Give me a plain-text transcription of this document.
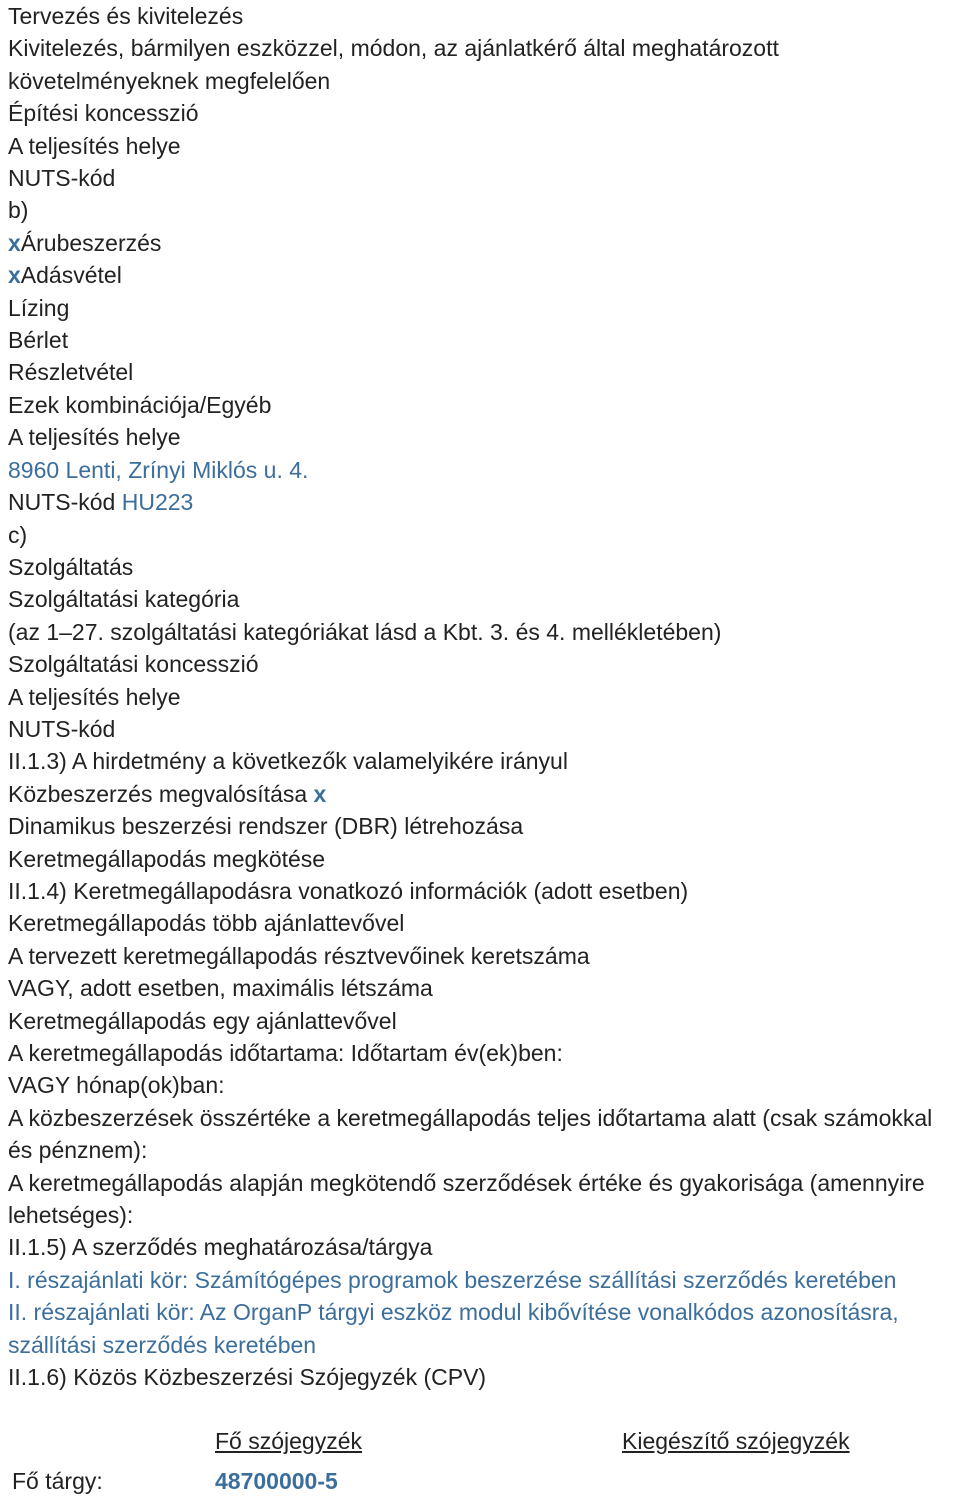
Tervezés és kivitelezés
Kivitelezés, bármilyen eszközzel, módon, az ajánlatkérő által meghatározott
követelményeknek megfelelően
Építési koncesszió
A teljesítés helye
NUTS-kód
b)
xÁrubeszerzés
xAdásvétel
Lízing
Bérlet
Részletvétel
Ezek kombinációja/Egyéb
A teljesítés helye
8960 Lenti, Zrínyi Miklós u. 4.
NUTS-kód HU223
c)
Szolgáltatás
Szolgáltatási kategória
(az 1–27. szolgáltatási kategóriákat lásd a Kbt. 3. és 4. mellékletében)
Szolgáltatási koncesszió
A teljesítés helye
NUTS-kód
II.1.3) A hirdetmény a következők valamelyikére irányul
Közbeszerzés megvalósítása x
Dinamikus beszerzési rendszer (DBR) létrehozása
Keretmegállapodás megkötése
II.1.4) Keretmegállapodásra vonatkozó információk (adott esetben)
Keretmegállapodás több ajánlattevővel
A tervezett keretmegállapodás résztvevőinek keretszáma
VAGY, adott esetben, maximális létszáma
Keretmegállapodás egy ajánlattevővel
A keretmegállapodás időtartama: Időtartam év(ek)ben:
VAGY hónap(ok)ban:
A közbeszerzések összértéke a keretmegállapodás teljes időtartama alatt (csak számokkal és pénznem):
A keretmegállapodás alapján megkötendő szerződések értéke és gyakorisága (amennyire lehetséges):
II.1.5) A szerződés meghatározása/tárgya
I. részajánlati kör: Számítógépes programok beszerzése szállítási szerződés keretében
II. részajánlati kör: Az OrganP tárgyi eszköz modul kibővítése vonalkódos azonosításra, szállítási szerződés keretében
II.1.6) Közös Közbeszerzési Szójegyzék (CPV)
Fő szójegyzék	Kiegészítő szójegyzék
Fő tárgy:	48700000-5
